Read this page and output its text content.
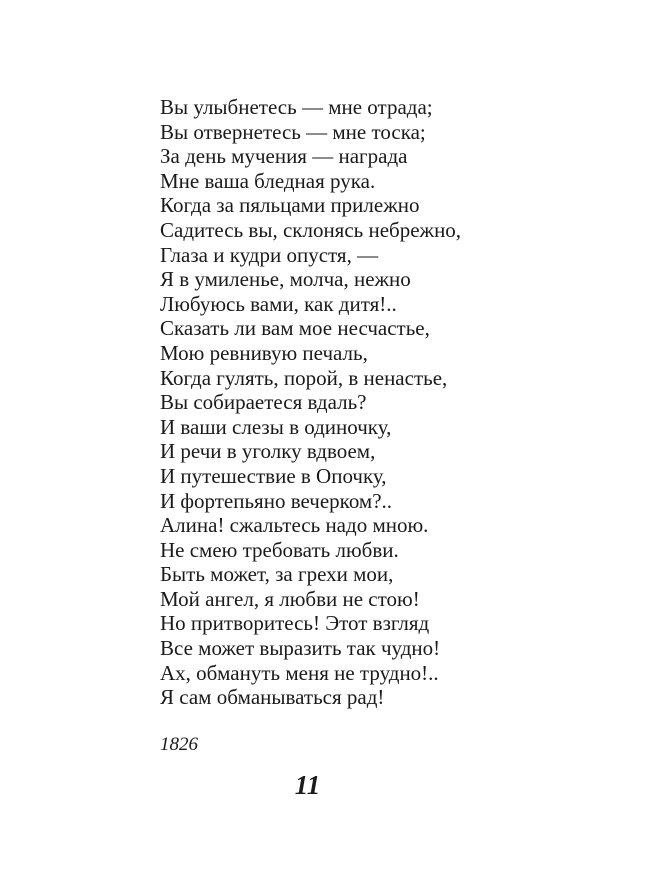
Вы улыбнетесь — мне отрада;
Вы отвернетесь — мне тоска;
За день мучения — награда
Мне ваша бледная рука.
Когда за пяльцами прилежно
Садитесь вы, склонясь небрежно,
Глаза и кудри опустя, —
Я в умиленье, молча, нежно
Любуюсь вами, как дитя!..
Сказать ли вам мое несчастье,
Мою ревнивую печаль,
Когда гулять, порой, в ненастье,
Вы собираетеся вдаль?
И ваши слезы в одиночку,
И речи в уголку вдвоем,
И путешествие в Опочку,
И фортепьяно вечерком?..
Алина! сжальтесь надо мною.
Не смею требовать любви.
Быть может, за грехи мои,
Мой ангел, я любви не стою!
Но притворитесь! Этот взгляд
Все может выразить так чудно!
Ах, обмануть меня не трудно!..
Я сам обманываться рад!
1826
11
